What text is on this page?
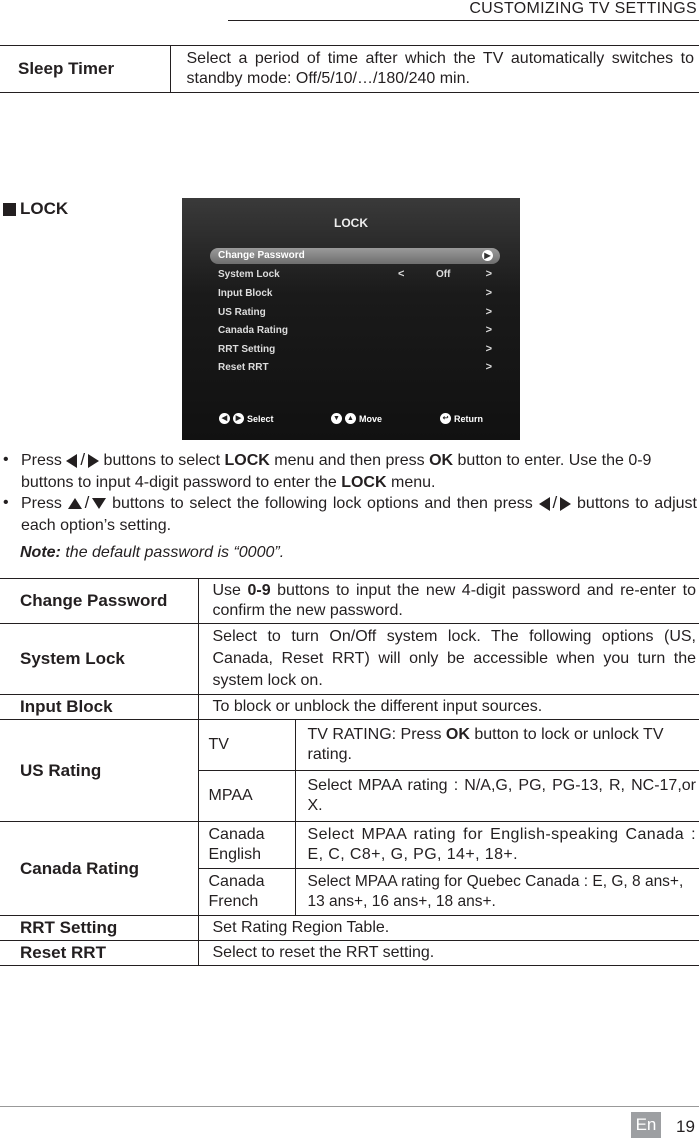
CUSTOMIZING TV SETTINGS
Sleep Timer	Select a period of time after which the TV automatically switches to standby mode: Off/5/10/…/180/240 min.
LOCK
LOCK
Change Password	▶
System Lock	<	Off	>
Input Block	>
US Rating	>
Canada Rating	>
RRT Setting	>
Reset RRT	>
◀	▶ Select	▼ ▲ Move	↩ Return
• Press / buttons to select LOCK menu and then press OK button to enter. Use the 0-9 buttons to input 4-digit password to enter the LOCK menu.
• Press / buttons to select the following lock options and then press / buttons to adjust each option’s setting.
Note: the default password is “0000”.
Change Password	Use 0-9 buttons to input the new 4-digit password and re-enter to confirm the new password.	
System Lock	Select to turn On/Off system lock. The following options (US, Canada, Reset RRT) will only be accessible when you turn the system lock on.	
Input Block	To block or unblock the different input sources.	
US Rating	TV	TV RATING: Press OK button to lock or unlock TV rating.
	MPAA	Select MPAA rating : N/A,G, PG, PG-13, R, NC-17,or X.
Canada Rating	Canada English	Select MPAA rating for English-speaking Canada : E, C, C8+, G, PG, 14+, 18+.
	Canada French	Select MPAA rating for Quebec Canada : E, G, 8 ans+, 13 ans+, 16 ans+, 18 ans+.
RRT Setting	Set Rating Region Table.	
Reset RRT	Select to reset the RRT setting.	
En 19
